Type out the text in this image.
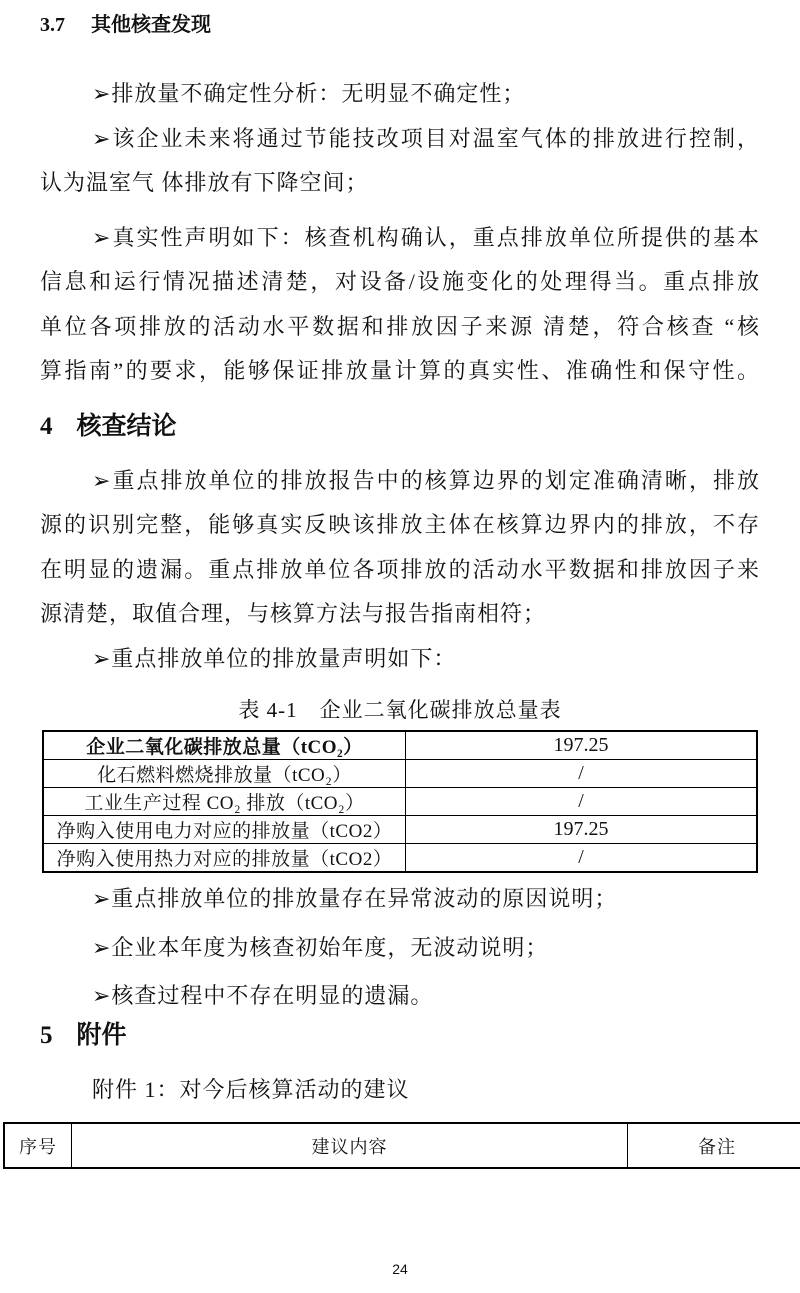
3.7 其他核查发现
➢排放量不确定性分析：无明显不确定性；
➢该企业未来将通过节能技改项目对温室气体的排放进行控制，
认为温室气 体排放有下降空间；
➢真实性声明如下：核查机构确认，重点排放单位所提供的基本
信息和运行情况描述清楚，对设备/设施变化的处理得当。重点排放
单位各项排放的活动水平数据和排放因子来源 清楚，符合核查 “核
算指南”的要求，能够保证排放量计算的真实性、准确性和保守性。
4 核查结论
➢重点排放单位的排放报告中的核算边界的划定准确清晰，排放
源的识别完整，能够真实反映该排放主体在核算边界内的排放，不存
在明显的遗漏。重点排放单位各项排放的活动水平数据和排放因子来
源清楚，取值合理，与核算方法与报告指南相符；
➢重点排放单位的排放量声明如下：
表 4-1　企业二氧化碳排放总量表
企业二氧化碳排放总量（tCO₂）	197.25
化石燃料燃烧排放量（tCO₂）	/
工业生产过程 CO₂ 排放（tCO₂）	/
净购入使用电力对应的排放量（tCO2）	197.25
净购入使用热力对应的排放量（tCO2）	/
➢重点排放单位的排放量存在异常波动的原因说明；
➢企业本年度为核查初始年度，无波动说明；
➢核查过程中不存在明显的遗漏。
5 附件
附件 1：对今后核算活动的建议
序号	建议内容	备注
24
